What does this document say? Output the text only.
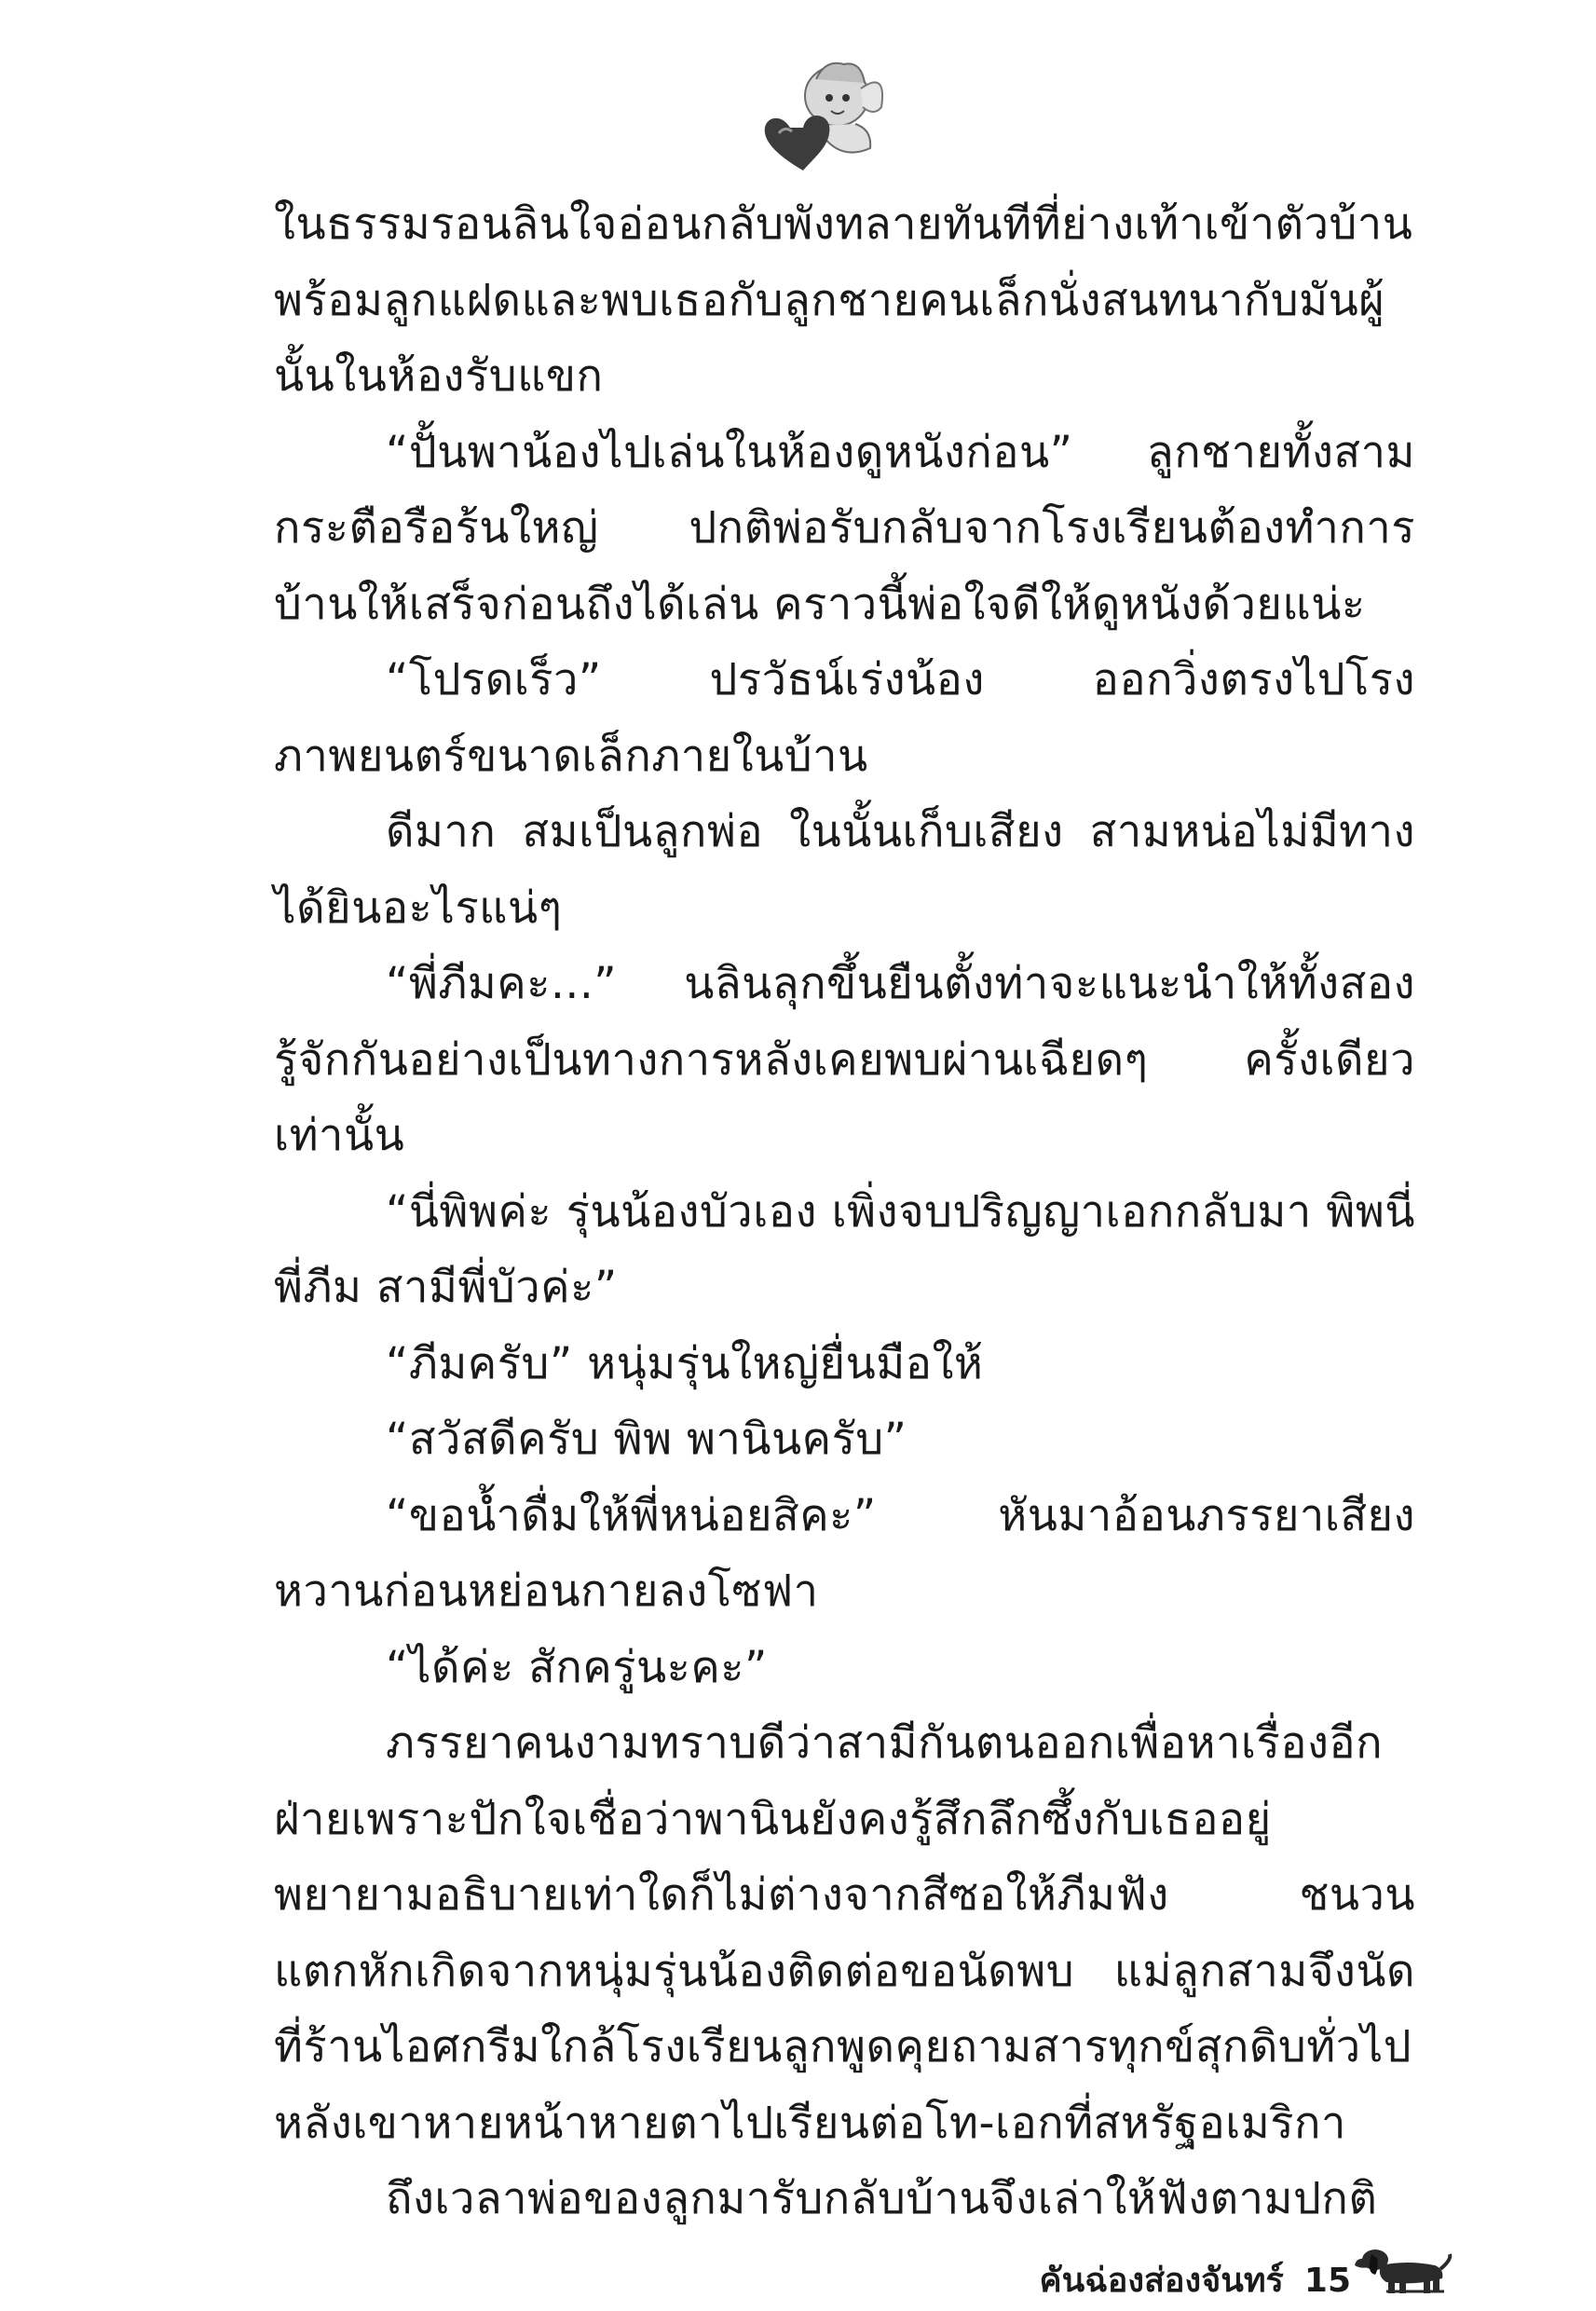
ในธรรมรอนลินใจอ่อนกลับพังทลายทันทีที่ย่างเท้าเข้าตัวบ้านพร้อมลูกแฝดและพบเธอกับลูกชายคนเล็กนั่งสนทนากับมันผู้นั้นในห้องรับแขก

“ปั้นพาน้องไปเล่นในห้องดูหนังก่อน” ลูกชายทั้งสามกระตือรือร้นใหญ่ ปกติพ่อรับกลับจากโรงเรียนต้องทำการบ้านให้เสร็จก่อนถึงได้เล่น คราวนี้พ่อใจดีให้ดูหนังด้วยแน่ะ

“โปรดเร็ว” ปรวัธน์เร่งน้อง ออกวิ่งตรงไปโรงภาพยนตร์ขนาดเล็กภายในบ้าน

ดีมาก สมเป็นลูกพ่อ ในนั้นเก็บเสียง สามหน่อไม่มีทางได้ยินอะไรแน่ๆ

“พี่ภีมคะ...” นลินลุกขึ้นยืนตั้งท่าจะแนะนำให้ทั้งสองรู้จักกันอย่างเป็นทางการหลังเคยพบผ่านเฉียดๆ ครั้งเดียวเท่านั้น

“นี่พิพค่ะ รุ่นน้องบัวเอง เพิ่งจบปริญญาเอกกลับมา พิพนี่พี่ภีม สามีพี่บัวค่ะ”

“ภีมครับ” หนุ่มรุ่นใหญ่ยื่นมือให้

“สวัสดีครับ พิพ พานินครับ”

“ขอน้ำดื่มให้พี่หน่อยสิคะ” หันมาอ้อนภรรยาเสียงหวานก่อนหย่อนกายลงโซฟา

“ได้ค่ะ สักครู่นะคะ”

ภรรยาคนงามทราบดีว่าสามีกันตนออกเพื่อหาเรื่องอีกฝ่ายเพราะปักใจเชื่อว่าพานินยังคงรู้สึกลึกซึ้งกับเธออยู่ พยายามอธิบายเท่าใดก็ไม่ต่างจากสีซอให้ภีมฟัง ชนวนแตกหักเกิดจากหนุ่มรุ่นน้องติดต่อขอนัดพบ แม่ลูกสามจึงนัดที่ร้านไอศกรีมใกล้โรงเรียนลูกพูดคุยถามสารทุกข์สุกดิบทั่วไปหลังเขาหายหน้าหายตาไปเรียนต่อโท-เอกที่สหรัฐอเมริกา

ถึงเวลาพ่อของลูกมารับกลับบ้านจึงเล่าให้ฟังตามปกติ

คันฉ่องส่องจันทร์ 15
